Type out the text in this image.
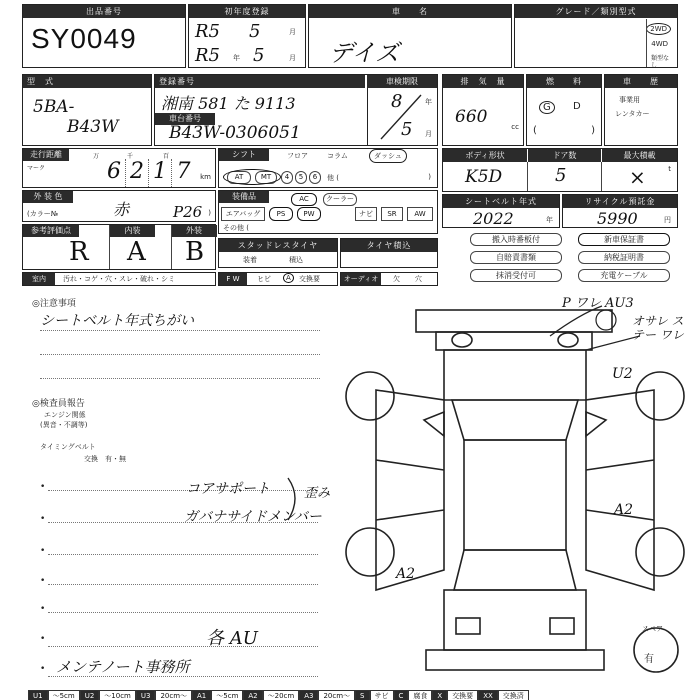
出品番号
SY0049
初年度登録
R5 5	月
R5 年 5	月
車　　名
デイズ
グレード／類別型式
2WD
4WD
類型なし
型　式
5BA-
B43W
登録番号
湘南 581 た 9113
車台番号
B43W-0306051
車検期限
8	年
5 月
排　気　量
660	cc
燃　　料
G	D
(	)
車　　歴
事業用
レンタカー
走行距離
マーク
万	千	百
6 2 1 7	km
シフト	フロア	コラム	ダッシュ
AT	MT	4	5	6	他 (	)
ボディ形状	ドア数	最大積載
K5D	5	×	t
外 装 色
(カラー№	赤	P26 )
装備品	AC	クーラー
エアバッグ	PS	PW	ナビ	SR	AW
その他 (
シートベルト年式
2022	年
リサイクル預託金
5990	円
参考評価点	内装	外装
R A B	スタッドレスタイヤ
装着	積込
タイヤ積込
搬入時番板付	新車保証書
自賠責書類	納税証明書
抹消受付可	充電ケーブル
室内	汚れ・コゲ・穴・スレ・破れ・シミ	F W	ヒビ	A	交換要	オーディオ	欠 穴
◎注意事項
シートベルト年式ちがい
◎検査員報告
エンジン関係
(異音・不調等)
タイミングベルト
交換　有・無
•	コアサポート
•	ガバナサイドメンバー
歪み
•
•
•
各 AU
•
• メンテノート事務所
P ワレ AU3
オサレ ステー ワレ
U2
A2
A2
スペア
有
U1	〜5cm	U2	〜10cm	U3	20cm〜	A1	〜5cm	A2	〜20cm	A3	20cm〜	S	サビ	C	腐食	X	交換要	XX	交換済
